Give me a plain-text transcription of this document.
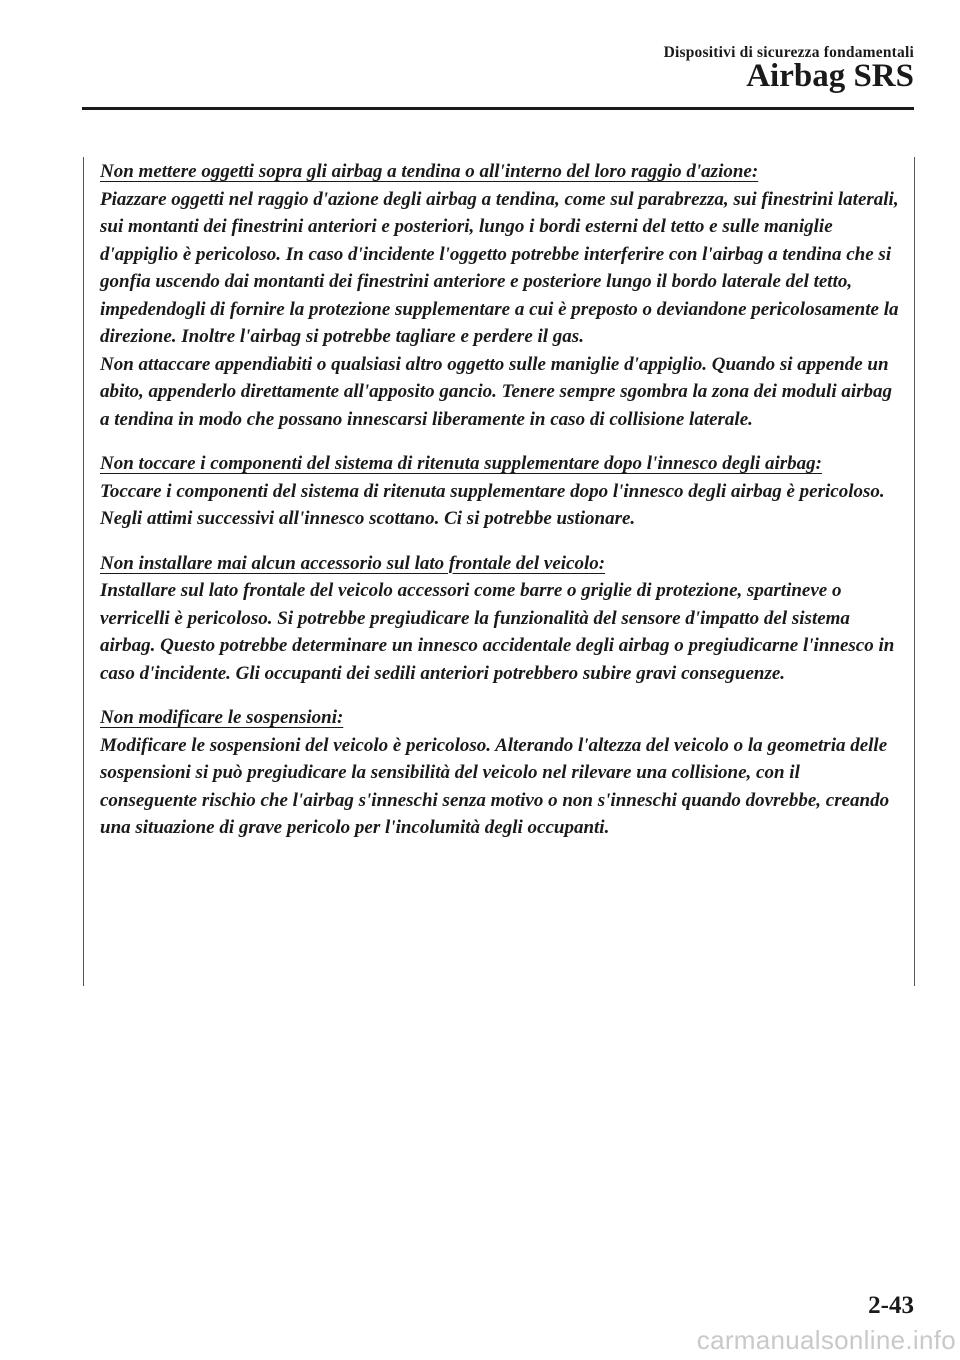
Dispositivi di sicurezza fondamentali
Airbag SRS

Non mettere oggetti sopra gli airbag a tendina o all'interno del loro raggio d'azione:

Piazzare oggetti nel raggio d'azione degli airbag a tendina, come sul parabrezza, sui finestrini laterali, sui montanti dei finestrini anteriori e posteriori, lungo i bordi esterni del tetto e sulle maniglie d'appiglio è pericoloso. In caso d'incidente l'oggetto potrebbe interferire con l'airbag a tendina che si gonfia uscendo dai montanti dei finestrini anteriore e posteriore lungo il bordo laterale del tetto, impedendogli di fornire la protezione supplementare a cui è preposto o deviandone pericolosamente la direzione. Inoltre l'airbag si potrebbe tagliare e perdere il gas.

Non attaccare appendiabiti o qualsiasi altro oggetto sulle maniglie d'appiglio. Quando si appende un abito, appenderlo direttamente all'apposito gancio. Tenere sempre sgombra la zona dei moduli airbag a tendina in modo che possano innescarsi liberamente in caso di collisione laterale.

Non toccare i componenti del sistema di ritenuta supplementare dopo l'innesco degli airbag:

Toccare i componenti del sistema di ritenuta supplementare dopo l'innesco degli airbag è pericoloso. Negli attimi successivi all'innesco scottano. Ci si potrebbe ustionare.

Non installare mai alcun accessorio sul lato frontale del veicolo:

Installare sul lato frontale del veicolo accessori come barre o griglie di protezione, spartineve o verricelli è pericoloso. Si potrebbe pregiudicare la funzionalità del sensore d'impatto del sistema airbag. Questo potrebbe determinare un innesco accidentale degli airbag o pregiudicarne l'innesco in caso d'incidente. Gli occupanti dei sedili anteriori potrebbero subire gravi conseguenze.

Non modificare le sospensioni:

Modificare le sospensioni del veicolo è pericoloso. Alterando l'altezza del veicolo o la geometria delle sospensioni si può pregiudicare la sensibilità del veicolo nel rilevare una collisione, con il conseguente rischio che l'airbag s'inneschi senza motivo o non s'inneschi quando dovrebbe, creando una situazione di grave pericolo per l'incolumità degli occupanti.

2-43
carmanualsonline.info
